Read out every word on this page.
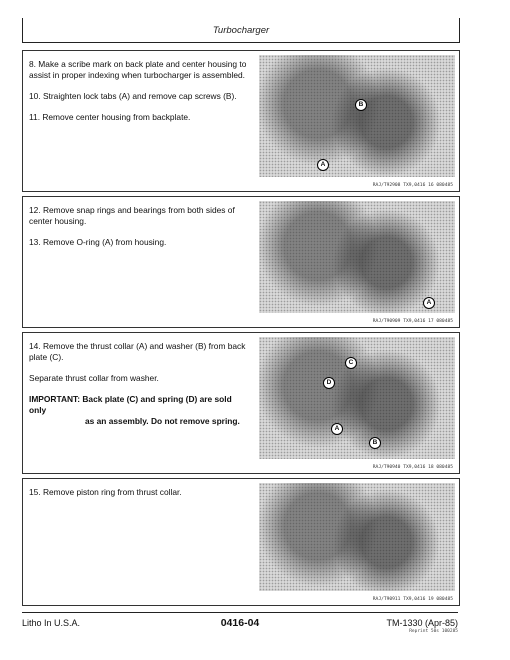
Turbocharger

8. Make a scribe mark on back plate and center housing to assist in proper indexing when turbocharger is assembled.

10. Straighten lock tabs (A) and remove cap screws (B).

11. Remove center housing from backplate.

B
A
RAJ/T92908 TX9,0416 16 080485

12. Remove snap rings and bearings from both sides of center housing.

13. Remove O-ring (A) from housing.

A
RAJ/T90909 TX9,0416 17 080485

14. Remove the thrust collar (A) and washer (B) from back plate (C).

Separate thrust collar from washer.

IMPORTANT: Back plate (C) and spring (D) are sold only
as an assembly. Do not remove spring.

C
D
A
B
RAJ/T90940 TX9,0416 18 080485

15. Remove piston ring from thrust collar.

RAJ/T90911 TX9,0416 19 080485
Litho In U.S.A.	0416-04	TM-1330 (Apr-85)
Reprint 50s 100285
